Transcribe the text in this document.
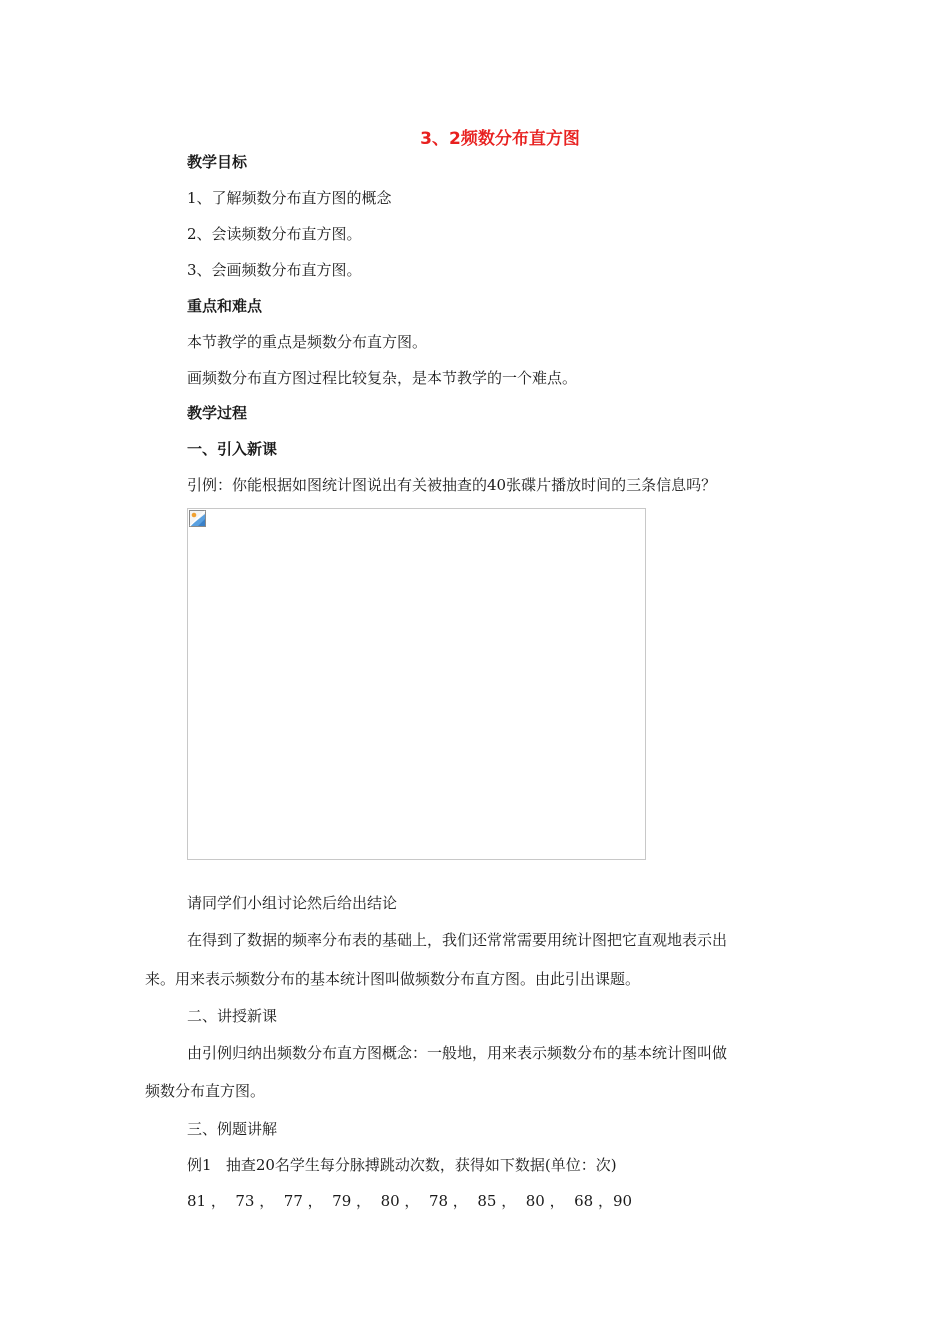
3、2频数分布直方图
教学目标
1、了解频数分布直方图的概念
2、会读频数分布直方图。
3、会画频数分布直方图。
重点和难点
本节教学的重点是频数分布直方图。
画频数分布直方图过程比较复杂，是本节教学的一个难点。
教学过程
一、引入新课
引例：你能根据如图统计图说出有关被抽查的40张碟片播放时间的三条信息吗？
请同学们小组讨论然后给出结论
在得到了数据的频率分布表的基础上，我们还常常需要用统计图把它直观地表示出
来。用来表示频数分布的基本统计图叫做频数分布直方图。由此引出课题。
二、讲授新课
由引例归纳出频数分布直方图概念：一般地，用来表示频数分布的基本统计图叫做
频数分布直方图。
三、例题讲解
例1   抽查20名学生每分脉搏跳动次数，获得如下数据(单位：次)
81 ，  73 ，  77 ，  79 ，  80 ，  78 ，  85 ，  80 ，  68 ，90
